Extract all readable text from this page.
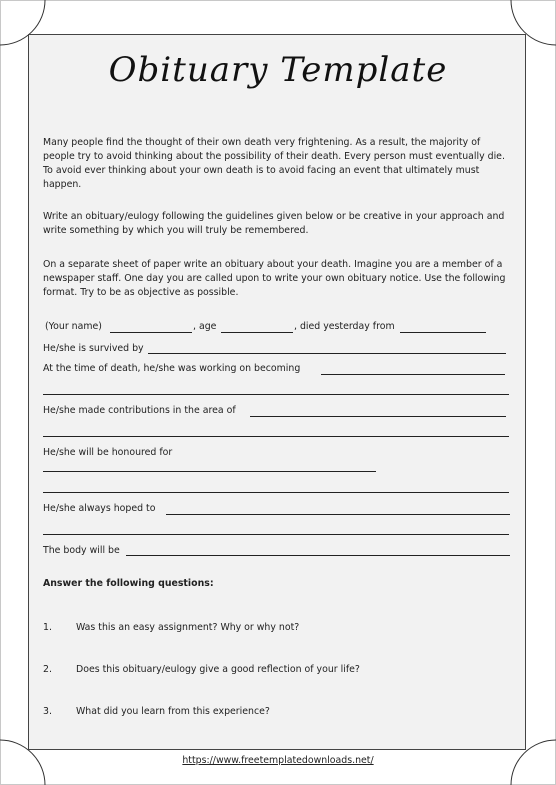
Obituary Template
Many people find the thought of their own death very frightening. As a result, the majority of people try to avoid thinking about the possibility of their death. Every person must eventually die. To avoid ever thinking about your own death is to avoid facing an event that ultimately must happen.
Write an obituary/eulogy following the guidelines given below or be creative in your approach and write something by which you will truly be remembered.
On a separate sheet of paper write an obituary about your death. Imagine you are a member of a newspaper staff. One day you are called upon to write your own obituary notice. Use the following format. Try to be as objective as possible.
(Your name)	, age	, died yesterday from
He/she is survived by
At the time of death, he/she was working on becoming
He/she made contributions in the area of
He/she will be honoured for
He/she always hoped to
The body will be
Answer the following questions:
1.	Was this an easy assignment? Why or why not?
2.	Does this obituary/eulogy give a good reflection of your life?
3.	What did you learn from this experience?
https://www.freetemplatedownloads.net/
